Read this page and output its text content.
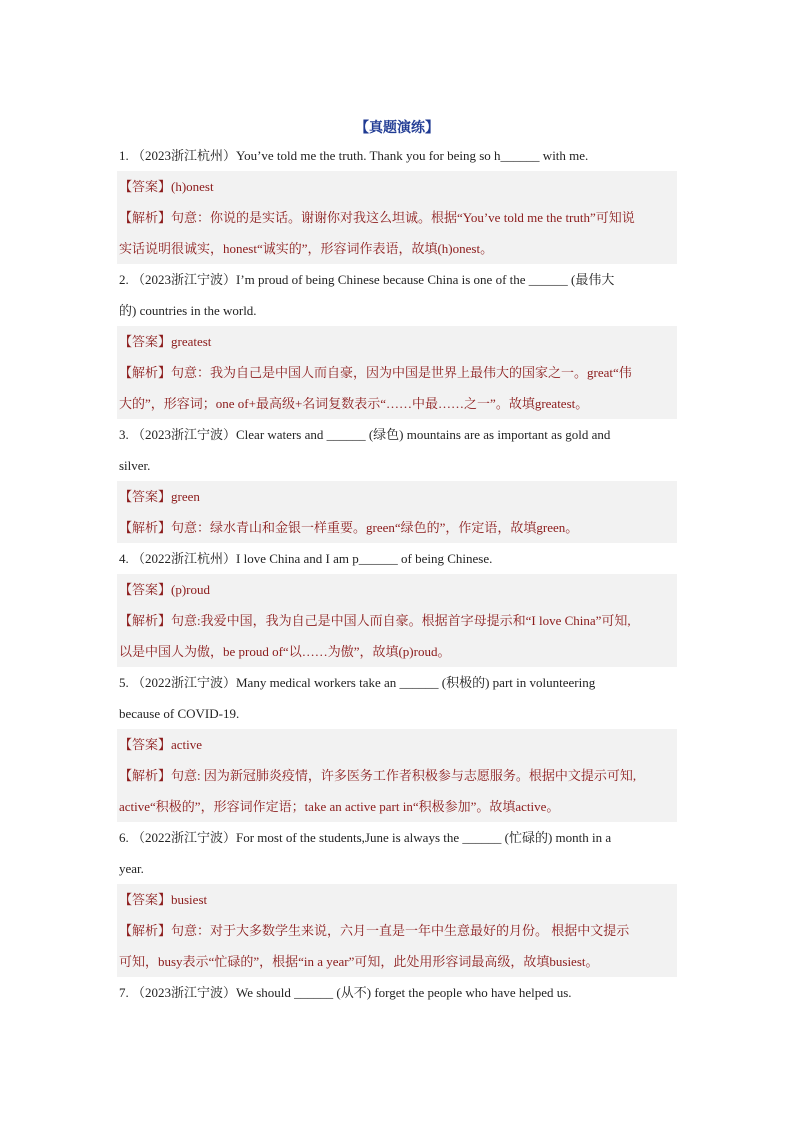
【真题演练】
1. （2023浙江杭州）You’ve told me the truth. Thank you for being so h______ with me.
【答案】(h)onest
【解析】句意：你说的是实话。谢谢你对我这么坦诚。根据“You’ve told me the truth”可知说
实话说明很诚实，honest“诚实的”，形容词作表语，故填(h)onest。
2. （2023浙江宁波）I’m proud of being Chinese because China is one of the ______ (最伟大
的) countries in the world.
【答案】greatest
【解析】句意：我为自己是中国人而自豪，因为中国是世界上最伟大的国家之一。great“伟
大的”，形容词；one of+最高级+名词复数表示“……中最……之一”。故填greatest。
3. （2023浙江宁波）Clear waters and ______ (绿色) mountains are as important as gold and
silver.
【答案】green
【解析】句意：绿水青山和金银一样重要。green“绿色的”，作定语，故填green。
4. （2022浙江杭州）I love China and I am p______ of being Chinese.
【答案】(p)roud
【解析】句意:我爱中国，我为自己是中国人而自豪。根据首字母提示和“I love China”可知,
以是中国人为傲，be proud of“以……为傲”，故填(p)roud。
5. （2022浙江宁波）Many medical workers take an ______ (积极的) part in volunteering
because of COVID-19.
【答案】active
【解析】句意: 因为新冠肺炎疫情，许多医务工作者积极参与志愿服务。根据中文提示可知,
active“积极的”，形容词作定语；take an active part in“积极参加”。故填active。
6. （2022浙江宁波）For most of the students,June is always the ______ (忙碌的) month in a
year.
【答案】busiest
【解析】句意：对于大多数学生来说，六月一直是一年中生意最好的月份。 根据中文提示
可知，busy表示“忙碌的”，根据“in a year”可知，此处用形容词最高级，故填busiest。
7. （2023浙江宁波）We should ______ (从不) forget the people who have helped us.
